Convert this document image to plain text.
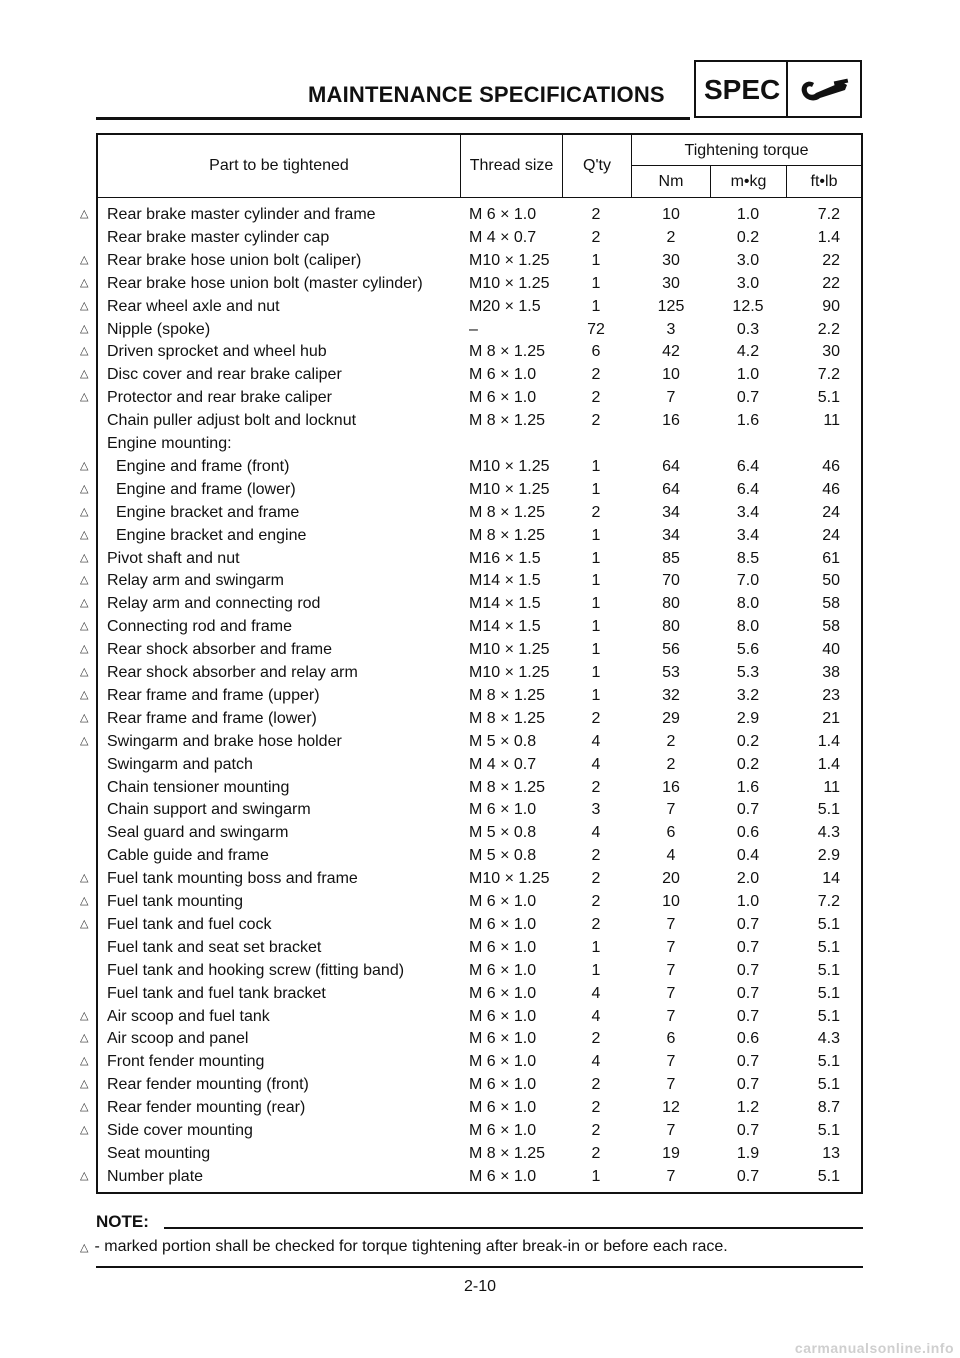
MAINTENANCE SPECIFICATIONS SPEC
Part to be tightened	Thread size	Q'ty
Tightening torque
Nm	m•kg	ft•lb
△ Rear brake master cylinder and frame	M 6 × 1.0	2	10	1.0	7.2
Rear brake master cylinder cap	M 4 × 0.7	2	2	0.2	1.4
△ Rear brake hose union bolt (caliper)	M10 × 1.25	1	30	3.0	22
△ Rear brake hose union bolt (master cylinder)	M10 × 1.25	1	30	3.0	22
△ Rear wheel axle and nut	M20 × 1.5	1	125	12.5	90
△ Nipple (spoke)	–	72	3	0.3	2.2
△ Driven sprocket and wheel hub	M 8 × 1.25	6	42	4.2	30
△ Disc cover and rear brake caliper	M 6 × 1.0	2	10	1.0	7.2
△ Protector and rear brake caliper	M 6 × 1.0	2	7	0.7	5.1
Chain puller adjust bolt and locknut	M 8 × 1.25	2	16	1.6	11
Engine mounting:
△ Engine and frame (front)	M10 × 1.25	1	64	6.4	46
△ Engine and frame (lower)	M10 × 1.25	1	64	6.4	46
△ Engine bracket and frame	M 8 × 1.25	2	34	3.4	24
△ Engine bracket and engine	M 8 × 1.25	1	34	3.4	24
△ Pivot shaft and nut	M16 × 1.5	1	85	8.5	61
△ Relay arm and swingarm	M14 × 1.5	1	70	7.0	50
△ Relay arm and connecting rod	M14 × 1.5	1	80	8.0	58
△ Connecting rod and frame	M14 × 1.5	1	80	8.0	58
△ Rear shock absorber and frame	M10 × 1.25	1	56	5.6	40
△ Rear shock absorber and relay arm	M10 × 1.25	1	53	5.3	38
△ Rear frame and frame (upper)	M 8 × 1.25	1	32	3.2	23
△ Rear frame and frame (lower)	M 8 × 1.25	2	29	2.9	21
△ Swingarm and brake hose holder	M 5 × 0.8	4	2	0.2	1.4
Swingarm and patch	M 4 × 0.7	4	2	0.2	1.4
Chain tensioner mounting	M 8 × 1.25	2	16	1.6	11
Chain support and swingarm	M 6 × 1.0	3	7	0.7	5.1
Seal guard and swingarm	M 5 × 0.8	4	6	0.6	4.3
Cable guide and frame	M 5 × 0.8	2	4	0.4	2.9
△ Fuel tank mounting boss and frame	M10 × 1.25	2	20	2.0	14
△ Fuel tank mounting	M 6 × 1.0	2	10	1.0	7.2
△ Fuel tank and fuel cock	M 6 × 1.0	2	7	0.7	5.1
Fuel tank and seat set bracket	M 6 × 1.0	1	7	0.7	5.1
Fuel tank and hooking screw (fitting band)	M 6 × 1.0	1	7	0.7	5.1
Fuel tank and fuel tank bracket	M 6 × 1.0	4	7	0.7	5.1
△ Air scoop and fuel tank	M 6 × 1.0	4	7	0.7	5.1
△ Air scoop and panel	M 6 × 1.0	2	6	0.6	4.3
△ Front fender mounting	M 6 × 1.0	4	7	0.7	5.1
△ Rear fender mounting (front)	M 6 × 1.0	2	7	0.7	5.1
△ Rear fender mounting (rear)	M 6 × 1.0	2	12	1.2	8.7
△ Side cover mounting	M 6 × 1.0	2	7	0.7	5.1
Seat mounting	M 8 × 1.25	2	19	1.9	13
△ Number plate	M 6 × 1.0	1	7	0.7	5.1
NOTE:
△ - marked portion shall be checked for torque tightening after break-in or before each race.
2-10
carmanualsonline.info
